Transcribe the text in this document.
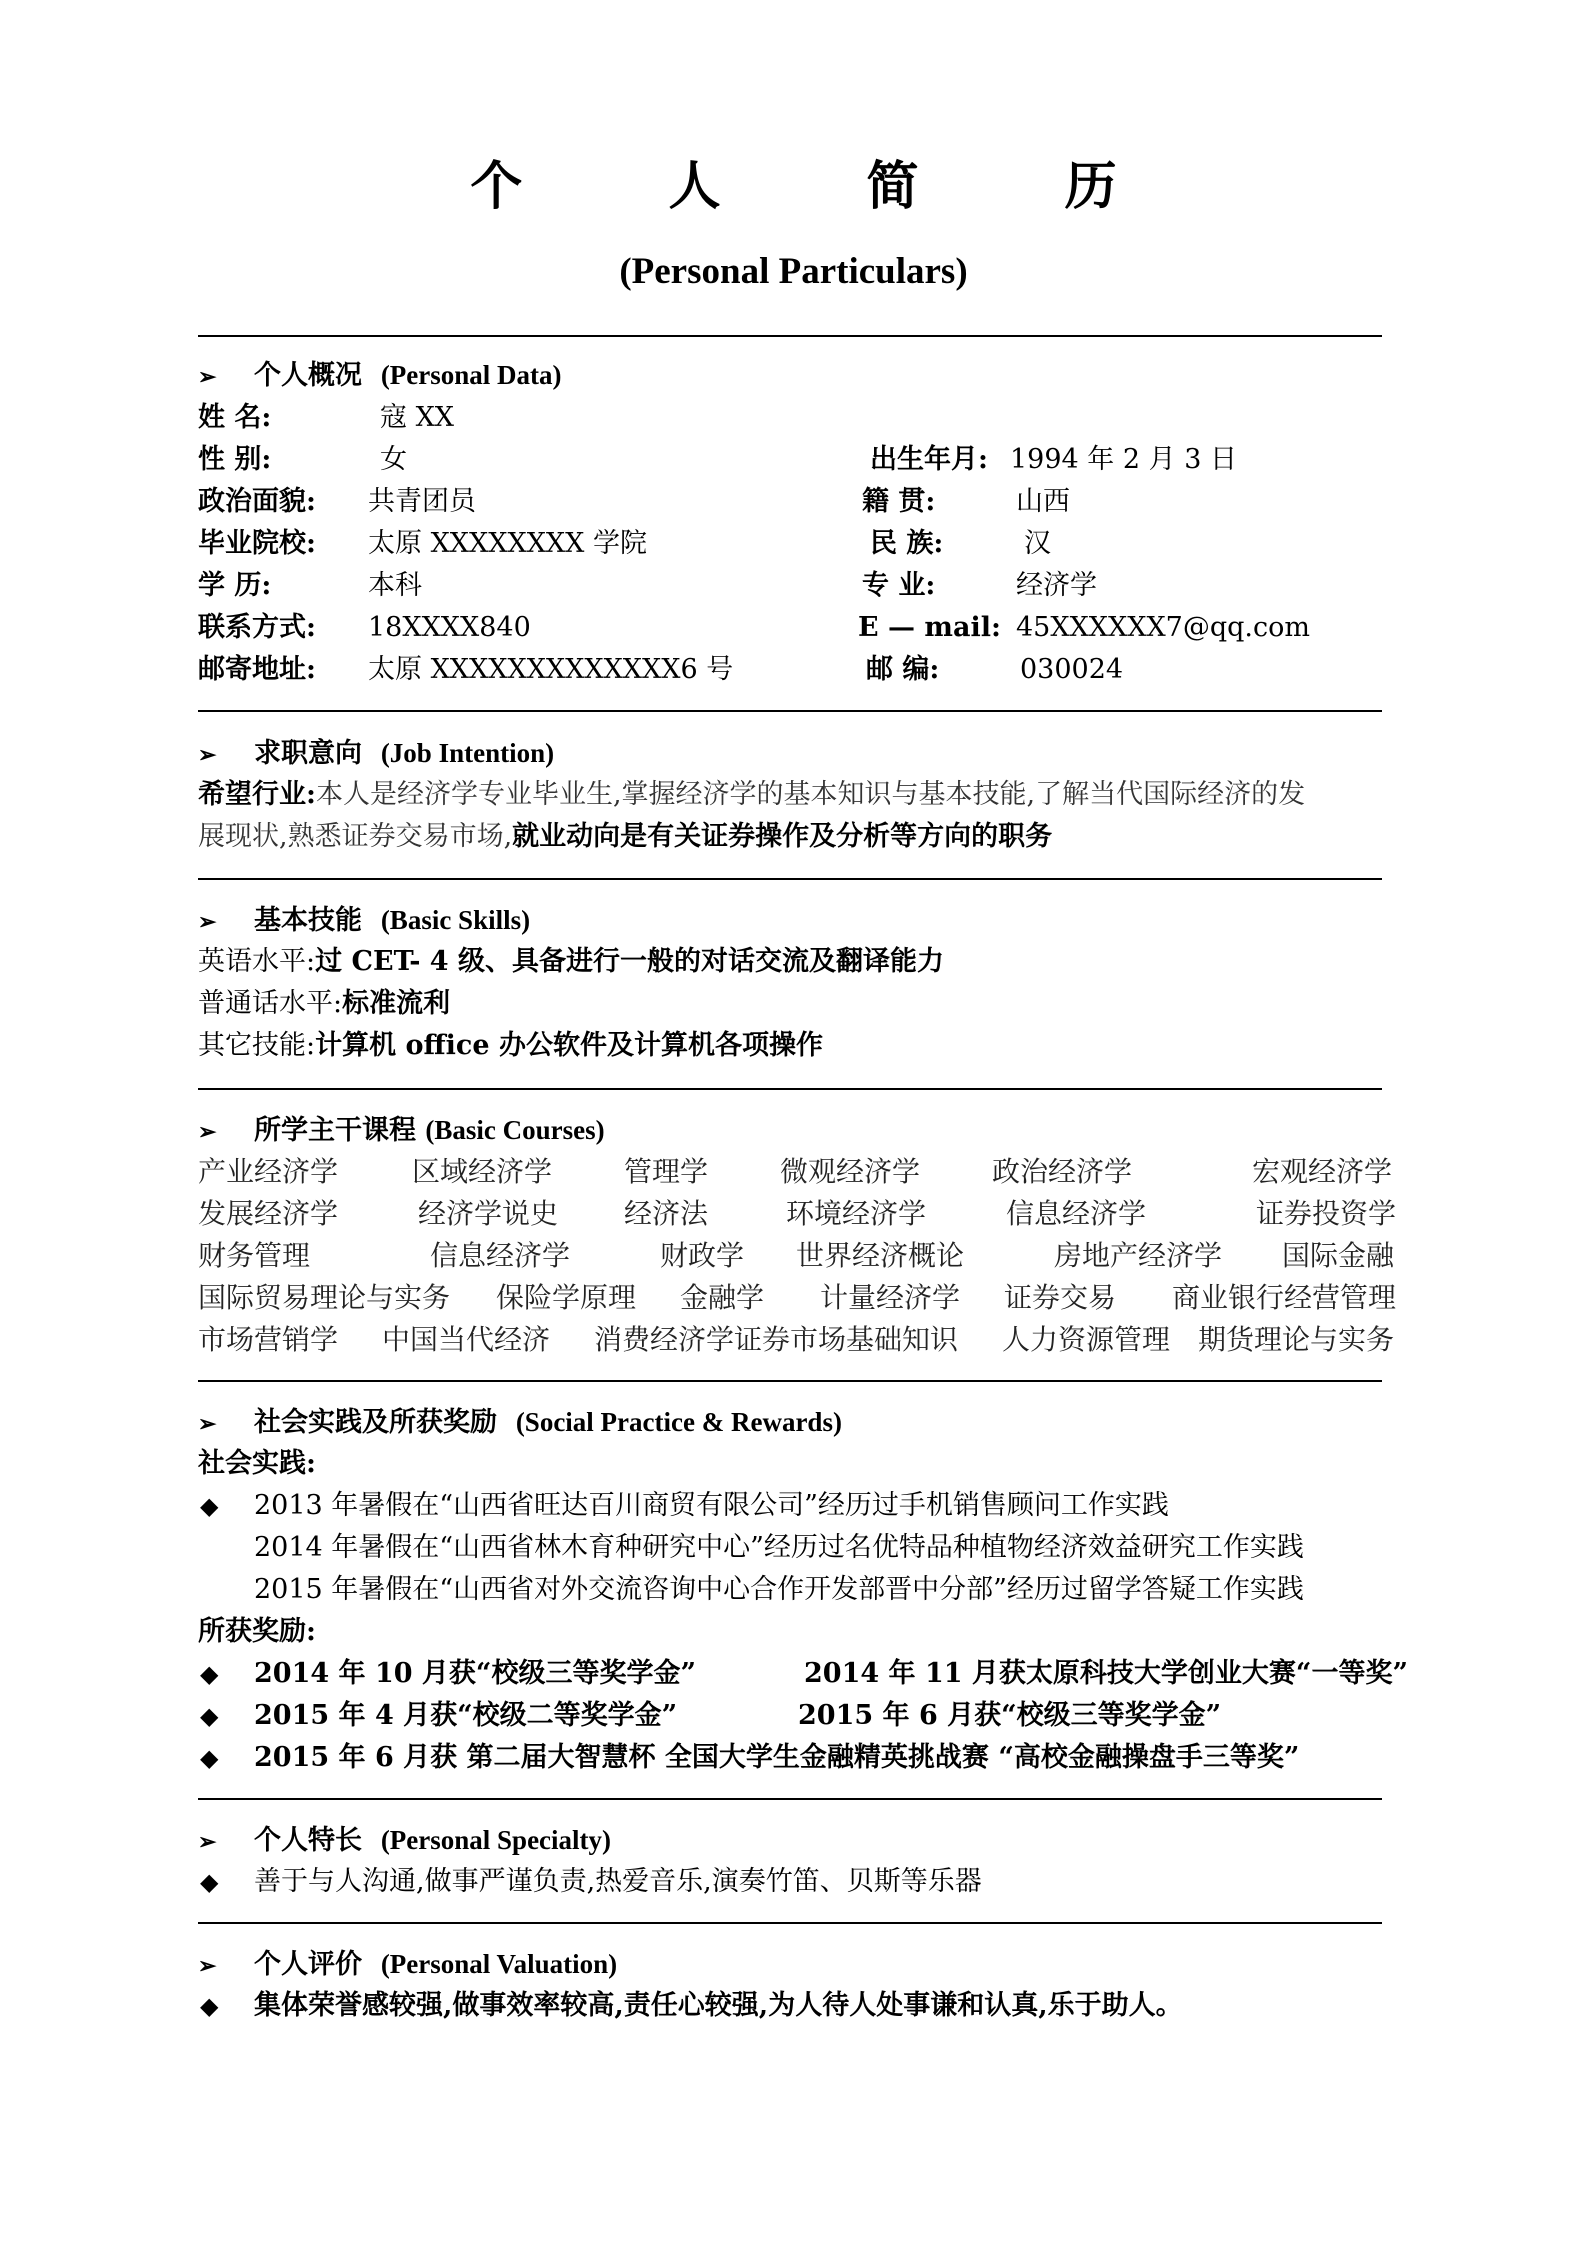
个 人 简 历
(Personal Particulars)
➢ 个人概况 (Personal Data)
姓 名:	寇 XX
性 别:	女	出生年月: 1994 年 2 月 3 日
政治面貌: 共青团员	籍 贯:	山西
毕业院校: 太原 XXXXXXXX 学院	民 族:	汉
学 历:	本科	专 业:	经济学
联系方式: 18XXXX840	E — mail: 45XXXXXX7@qq.com
邮寄地址: 太原 XXXXXXXXXXXXX6 号	邮 编:	030024
➢ 求职意向 (Job Intention)
希望行业:本人是经济学专业毕业生,掌握经济学的基本知识与基本技能,了解当代国际经济的发
展现状,熟悉证券交易市场,就业动向是有关证券操作及分析等方向的职务
➢ 基本技能 (Basic Skills)
英语水平:过 CET- 4 级、具备进行一般的对话交流及翻译能力
普通话水平:标准流利
其它技能:计算机 office 办公软件及计算机各项操作
➢ 所学主干课程 (Basic Courses)
产业经济学	区域经济学	管理学	微观经济学	政治经济学	宏观经济学
发展经济学	经济学说史 经济法	环境经济学	信息经济学	证券投资学
财务管理	信息经济学	财政学 世界经济概论	房地产经济学 国际金融
国际贸易理论与实务 保险学原理 金融学 计量经济学 证券交易 商业银行经营管理
市场营销学 中国当代经济 消费经济学证券市场基础知识 人力资源管理 期货理论与实务
➢ 社会实践及所获奖励 (Social Practice & Rewards)
社会实践:
◆ 2013 年暑假在“山西省旺达百川商贸有限公司”经历过手机销售顾问工作实践
2014 年暑假在“山西省林木育种研究中心”经历过名优特品种植物经济效益研究工作实践
2015 年暑假在“山西省对外交流咨询中心合作开发部晋中分部”经历过留学答疑工作实践
所获奖励:
◆ 2014 年 10 月获“校级三等奖学金”	2014 年 11 月获太原科技大学创业大赛“一等奖”
◆ 2015 年 4 月获“校级二等奖学金”	2015 年 6 月获“校级三等奖学金”
◆ 2015 年 6 月获 第二届大智慧杯 全国大学生金融精英挑战赛 “高校金融操盘手三等奖”
➢ 个人特长 (Personal Specialty)
◆ 善于与人沟通,做事严谨负责,热爱音乐,演奏竹笛、贝斯等乐器
➢ 个人评价 (Personal Valuation)
◆ 集体荣誉感较强,做事效率较高,责任心较强,为人待人处事谦和认真,乐于助人。
